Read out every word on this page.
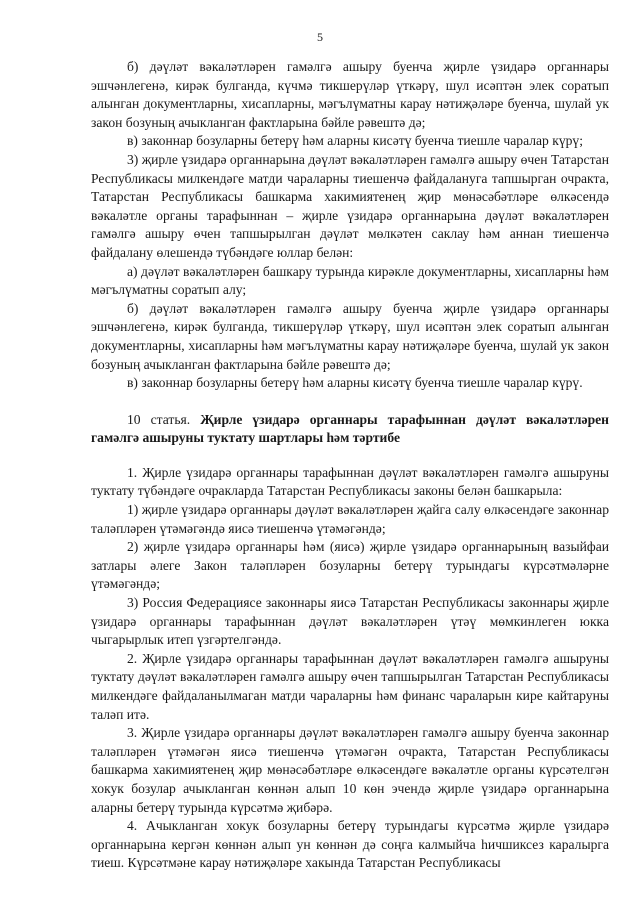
5

б) дәүләт вәкаләтләрен гамәлгә ашыру буенча җирле үзидарә органнары эшчәнлегенә, кирәк булганда, күчмә тикшерүләр үткәрү, шул исәптән элек соратып алынган документларны, хисапларны, мәгълүматны карау нәтиҗәләре буенча, шулай ук закон бозуның ачыкланган фактларына бәйле рәвештә дә;

в) законнар бозуларны бетерү һәм аларны кисәтү буенча тиешле чаралар күрү;

3) җирле үзидарә органнарына дәүләт вәкаләтләрен гамәлгә ашыру өчен Татарстан Республикасы милкендәге матди чараларны тиешенчә файдалануга тапшырган очракта, Татарстан Республикасы башкарма хакимиятенең җир мөнәсәбәтләре өлкәсендә вәкаләтле органы тарафыннан – җирле үзидарә органнарына дәүләт вәкаләтләрен гамәлгә ашыру өчен тапшырылган дәүләт мөлкәтен саклау һәм аннан тиешенчә файдалану өлешендә түбәндәге юллар белән:

а) дәүләт вәкаләтләрен башкару турында кирәкле документларны, хисапларны һәм мәгълүматны соратып алу;

б) дәүләт вәкаләтләрен гамәлгә ашыру буенча җирле үзидарә органнары эшчәнлегенә, кирәк булганда, тикшерүләр үткәрү, шул исәптән элек соратып алынган документларны, хисапларны һәм мәгълүматны карау нәтиҗәләре буенча, шулай ук закон бозуның ачыкланган фактларына бәйле рәвештә дә;

в) законнар бозуларны бетерү һәм аларны кисәтү буенча тиешле чаралар күрү.

10 статья. Җирле үзидарә органнары тарафыннан дәүләт вәкаләтләрен гамәлгә ашыруны туктату шартлары һәм тәртибе

1. Җирле үзидарә органнары тарафыннан дәүләт вәкаләтләрен гамәлгә ашыруны туктату түбәндәге очракларда Татарстан Республикасы законы белән башкарыла:

1) җирле үзидарә органнары дәүләт вәкаләтләрен җайга салу өлкәсендәге законнар таләпләрен үтәмәгәндә яисә тиешенчә үтәмәгәндә;

2) җирле үзидарә органнары һәм (яисә) җирле үзидарә органнарының вазыйфаи затлары әлеге Закон таләпләрен бозуларны бетерү турындагы күрсәтмәләрне үтәмәгәндә;

3) Россия Федерациясе законнары яисә Татарстан Республикасы законнары җирле үзидарә органнары тарафыннан дәүләт вәкаләтләрен үтәү мөмкинлеген юкка чыгарырлык итеп үзгәртелгәндә.

2. Җирле үзидарә органнары тарафыннан дәүләт вәкаләтләрен гамәлгә ашыруны туктату дәүләт вәкаләтләрен гамәлгә ашыру өчен тапшырылган Татарстан Республикасы милкендәге файдаланылмаган матди чараларны һәм финанс чараларын кире кайтаруны таләп итә.

3. Җирле үзидарә органнары дәүләт вәкаләтләрен гамәлгә ашыру буенча законнар таләпләрен үтәмәгән яисә тиешенчә үтәмәгән очракта, Татарстан Республикасы башкарма хакимиятенең җир мөнәсәбәтләре өлкәсендәге вәкаләтле органы күрсәтелгән хокук бозулар ачыкланган көннән алып 10 көн эчендә җирле үзидарә органнарына аларны бетерү турында күрсәтмә җибәрә.

4. Ачыкланган хокук бозуларны бетерү турындагы күрсәтмә җирле үзидарә органнарына кергән көннән алып ун көннән дә соңга калмыйча һичшиксез каралырга тиеш. Күрсәтмәне карау нәтиҗәләре хакында Татарстан Республикасы
